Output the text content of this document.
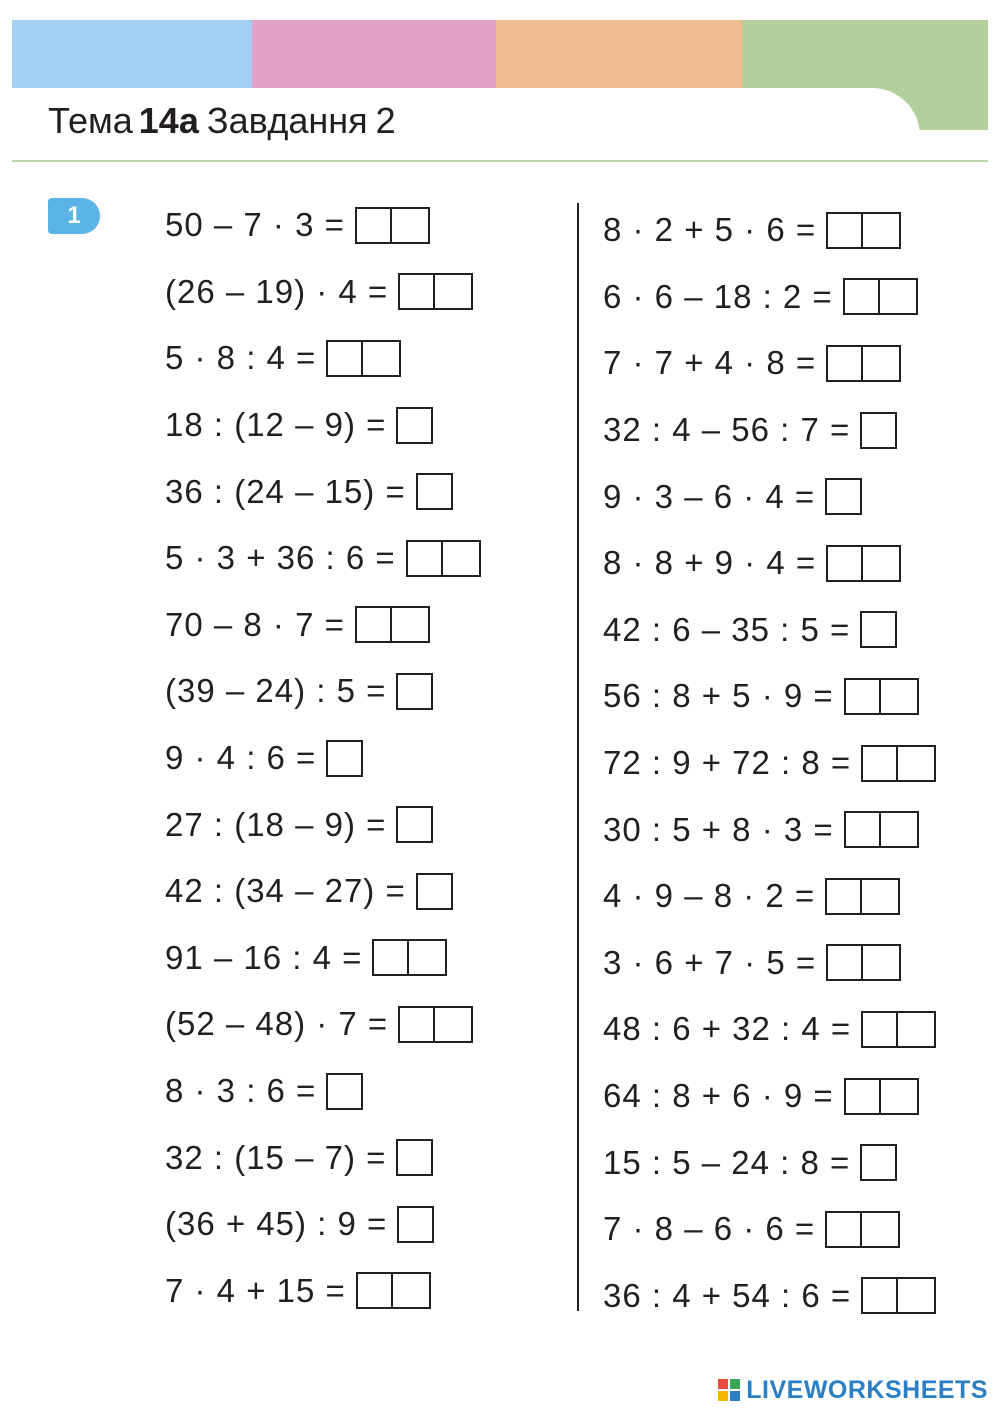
Тема 14 а Завдання 2
1	50 – 7 · 3 =
(26 – 19) · 4 =
5 · 8 : 4 =
18 : (12 – 9) =
36 : (24 – 15) =
5 · 3 + 36 : 6 =
70 – 8 · 7 =
(39 – 24) : 5 =
9 · 4 : 6 =
27 : (18 – 9) =
42 : (34 – 27) =
91 – 16 : 4 =
(52 – 48) · 7 =
8 · 3 : 6 =
32 : (15 – 7) =
(36 + 45) : 9 =
7 · 4 + 15 =
8 · 2 + 5 · 6 =
6 · 6 – 18 : 2 =
7 · 7 + 4 · 8 =
32 : 4 – 56 : 7 =
9 · 3 – 6 · 4 =
8 · 8 + 9 · 4 =
42 : 6 – 35 : 5 =
56 : 8 + 5 · 9 =
72 : 9 + 72 : 8 =
30 : 5 + 8 · 3 =
4 · 9 – 8 · 2 =
3 · 6 + 7 · 5 =
48 : 6 + 32 : 4 =
64 : 8 + 6 · 9 =
15 : 5 – 24 : 8 =
7 · 8 – 6 · 6 =
36 : 4 + 54 : 6 =
LIVEWORKSHEETS
